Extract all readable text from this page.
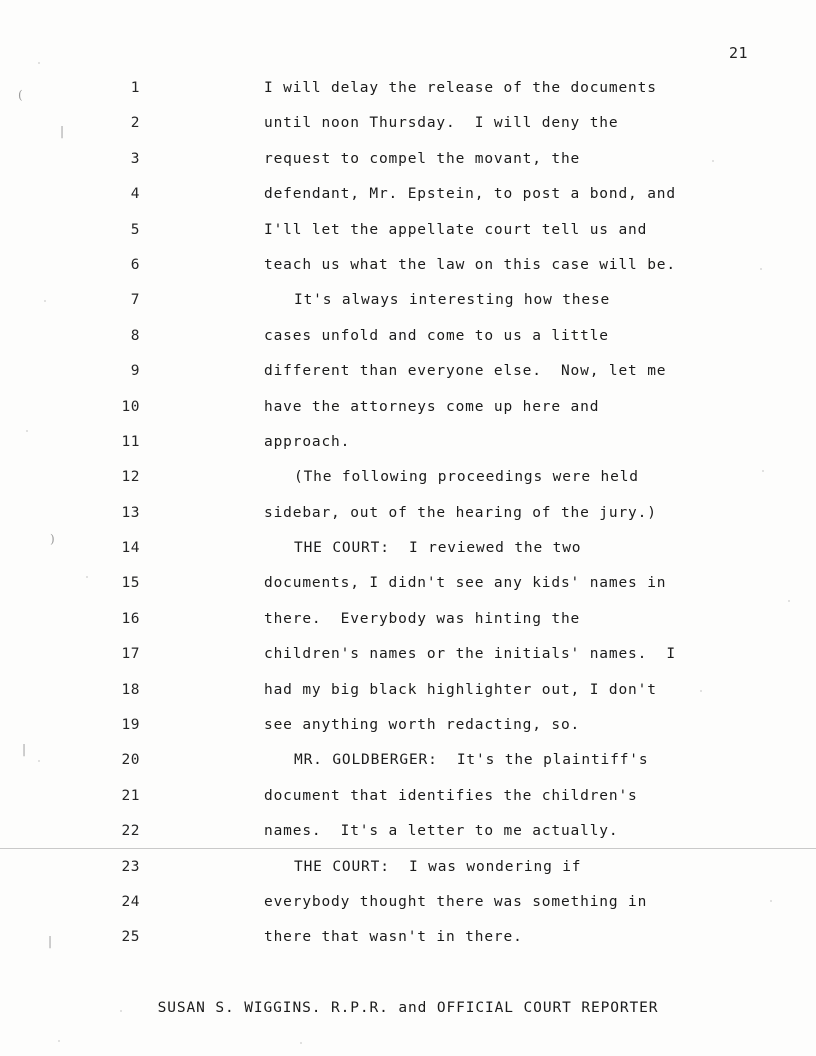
21
1	I will delay the release of the documents
2	until noon Thursday.  I will deny the
3	request to compel the movant, the
4	defendant, Mr. Epstein, to post a bond, and
5	I'll let the appellate court tell us and
6	teach us what the law on this case will be.
7	It's always interesting how these
8	cases unfold and come to us a little
9	different than everyone else.  Now, let me
10	have the attorneys come up here and
11	approach.
12	(The following proceedings were held
13	sidebar, out of the hearing of the jury.)
14	THE COURT:  I reviewed the two
15	documents, I didn't see any kids' names in
16	there.  Everybody was hinting the
17	children's names or the initials' names.  I
18	had my big black highlighter out, I don't
19	see anything worth redacting, so.
20	MR. GOLDBERGER:  It's the plaintiff's
21	document that identifies the children's
22	names.  It's a letter to me actually.
23	THE COURT:  I was wondering if
24	everybody thought there was something in
25	there that wasn't in there.
SUSAN S. WIGGINS. R.P.R. and OFFICIAL COURT REPORTER
(
|
)
|
|
